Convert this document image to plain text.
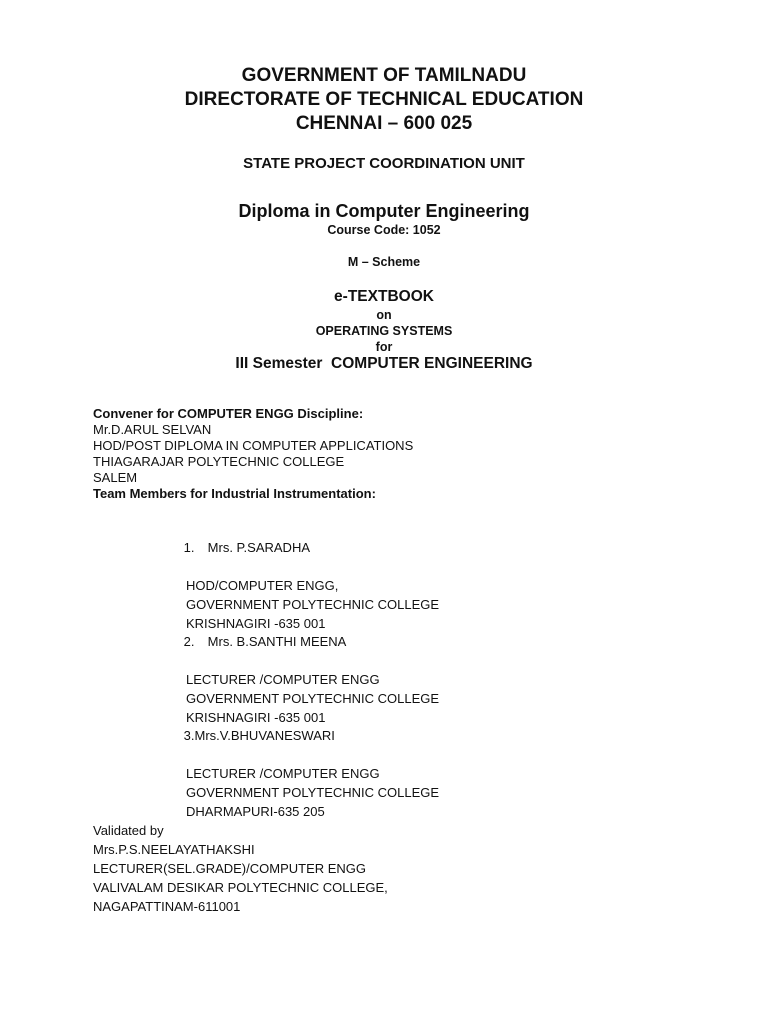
GOVERNMENT OF TAMILNADU

DIRECTORATE OF TECHNICAL EDUCATION

CHENNAI – 600 025

STATE PROJECT COORDINATION UNIT

Diploma in Computer Engineering

Course Code: 1052

M – Scheme

e-TEXTBOOK

on

OPERATING SYSTEMS

for

III Semester  COMPUTER ENGINEERING

Convener for COMPUTER ENGG Discipline:
Mr.D.ARUL SELVAN
HOD/POST DIPLOMA IN COMPUTER APPLICATIONS
THIAGARAJAR POLYTECHNIC COLLEGE
SALEM
Team Members for Industrial Instrumentation:

1. Mrs. P.SARADHA

HOD/COMPUTER ENGG,
GOVERNMENT POLYTECHNIC COLLEGE
KRISHNAGIRI -635 001

2. Mrs. B.SANTHI MEENA

LECTURER /COMPUTER ENGG
GOVERNMENT POLYTECHNIC COLLEGE
KRISHNAGIRI -635 001

3.Mrs.V.BHUVANESWARI

LECTURER /COMPUTER ENGG
GOVERNMENT POLYTECHNIC COLLEGE
DHARMAPURI-635 205
Validated by
Mrs.P.S.NEELAYATHAKSHI
LECTURER(SEL.GRADE)/COMPUTER ENGG
VALIVALAM DESIKAR POLYTECHNIC COLLEGE,
NAGAPATTINAM-611001
